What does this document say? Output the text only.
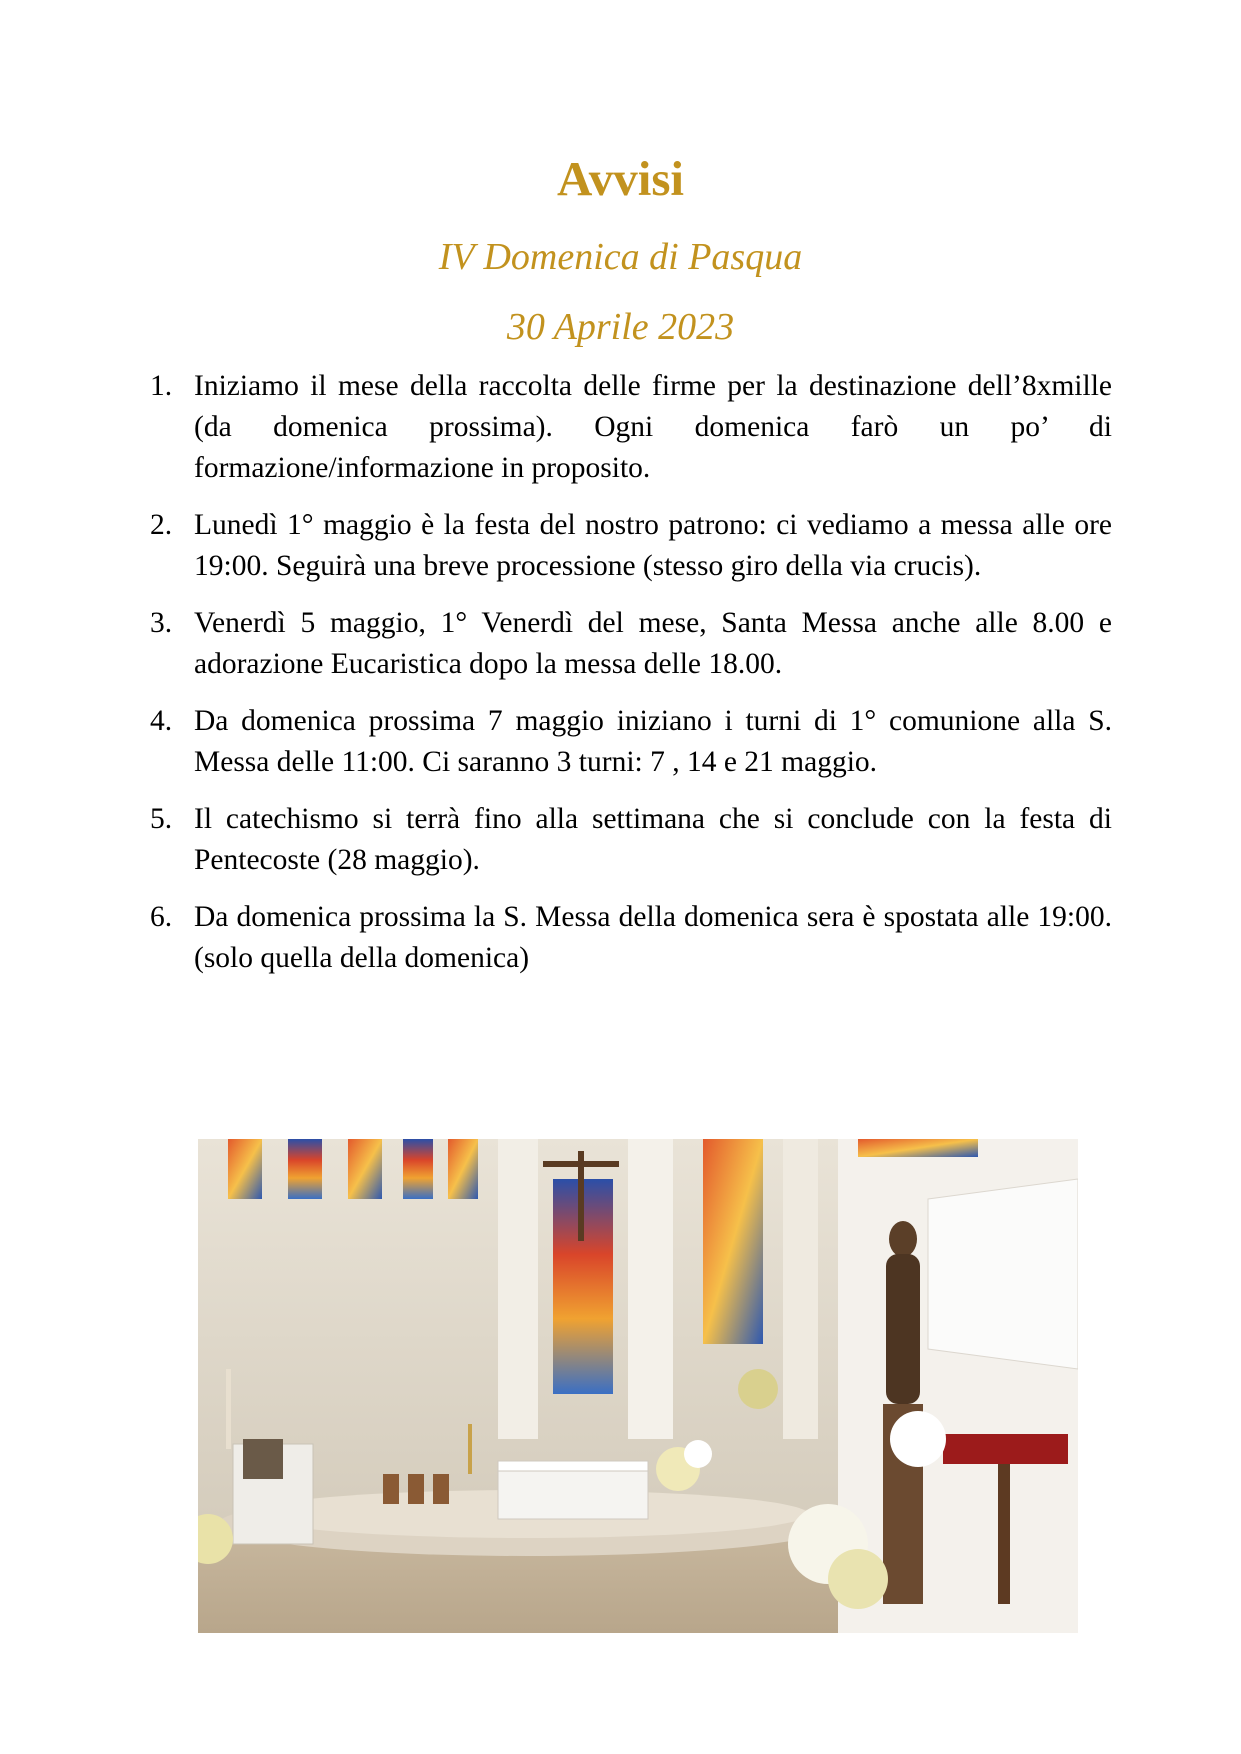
Avvisi

IV Domenica di Pasqua

30 Aprile 2023

1. Iniziamo il mese della raccolta delle firme per la destinazione dell’8xmille (da domenica prossima). Ogni domenica farò un po’ di formazione/informazione in proposito.
2. Lunedì 1° maggio è la festa del nostro patrono: ci vediamo a messa alle ore 19:00. Seguirà una breve processione (stesso giro della via crucis).
3. Venerdì 5 maggio, 1° Venerdì del mese, Santa Messa anche alle 8.00 e adorazione Eucaristica dopo la messa delle 18.00.
4. Da domenica prossima 7 maggio iniziano i turni di 1° comunione alla S. Messa delle 11:00. Ci saranno 3 turni: 7 , 14 e 21 maggio.
5. Il catechismo si terrà fino alla settimana che si conclude con la festa di Pentecoste (28 maggio).
6. Da domenica prossima la S. Messa della domenica sera è spostata alle 19:00. (solo quella della domenica)
